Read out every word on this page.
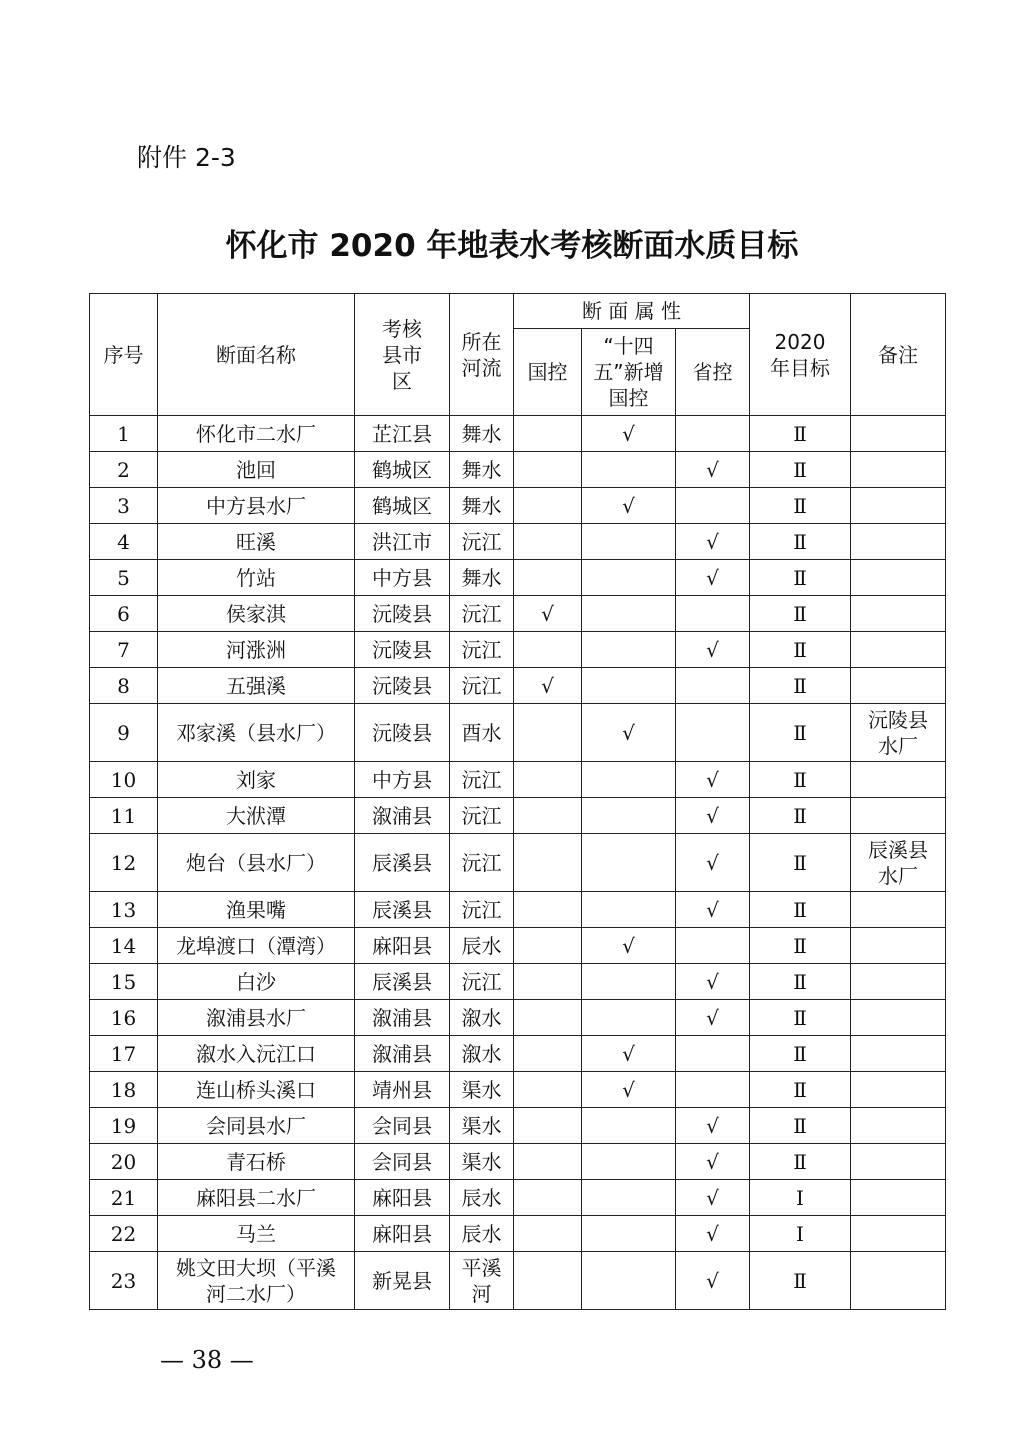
附件 2-3
怀化市 2020 年地表水考核断面水质目标
序号	断面名称	考核县市区	所在河流	断 面 属 性			2020 年目标	备注
				国控	“十四五”新增国控	省控		
1	怀化市二水厂	芷江县	舞水		√		Ⅱ	
2	池回	鹤城区	舞水			√	Ⅱ	
3	中方县水厂	鹤城区	舞水		√		Ⅱ	
4	旺溪	洪江市	沅江			√	Ⅱ	
5	竹站	中方县	舞水			√	Ⅱ	
6	侯家淇	沅陵县	沅江	√			Ⅱ	
7	河涨洲	沅陵县	沅江			√	Ⅱ	
8	五强溪	沅陵县	沅江	√			Ⅱ	
9	邓家溪（县水厂）	沅陵县	酉水		√		Ⅱ	沅陵县水厂
10	刘家	中方县	沅江			√	Ⅱ	
11	大洑潭	溆浦县	沅江			√	Ⅱ	
12	炮台（县水厂）	辰溪县	沅江			√	Ⅱ	辰溪县水厂
13	渔果嘴	辰溪县	沅江			√	Ⅱ	
14	龙埠渡口（潭湾）	麻阳县	辰水		√		Ⅱ	
15	白沙	辰溪县	沅江			√	Ⅱ	
16	溆浦县水厂	溆浦县	溆水			√	Ⅱ	
17	溆水入沅江口	溆浦县	溆水		√		Ⅱ	
18	连山桥头溪口	靖州县	渠水		√		Ⅱ	
19	会同县水厂	会同县	渠水			√	Ⅱ	
20	青石桥	会同县	渠水			√	Ⅱ	
21	麻阳县二水厂	麻阳县	辰水			√	Ⅰ	
22	马兰	麻阳县	辰水			√	Ⅰ	
23	姚文田大坝（平溪河二水厂）	新晃县	平溪河			√	Ⅱ	
— 38 —
